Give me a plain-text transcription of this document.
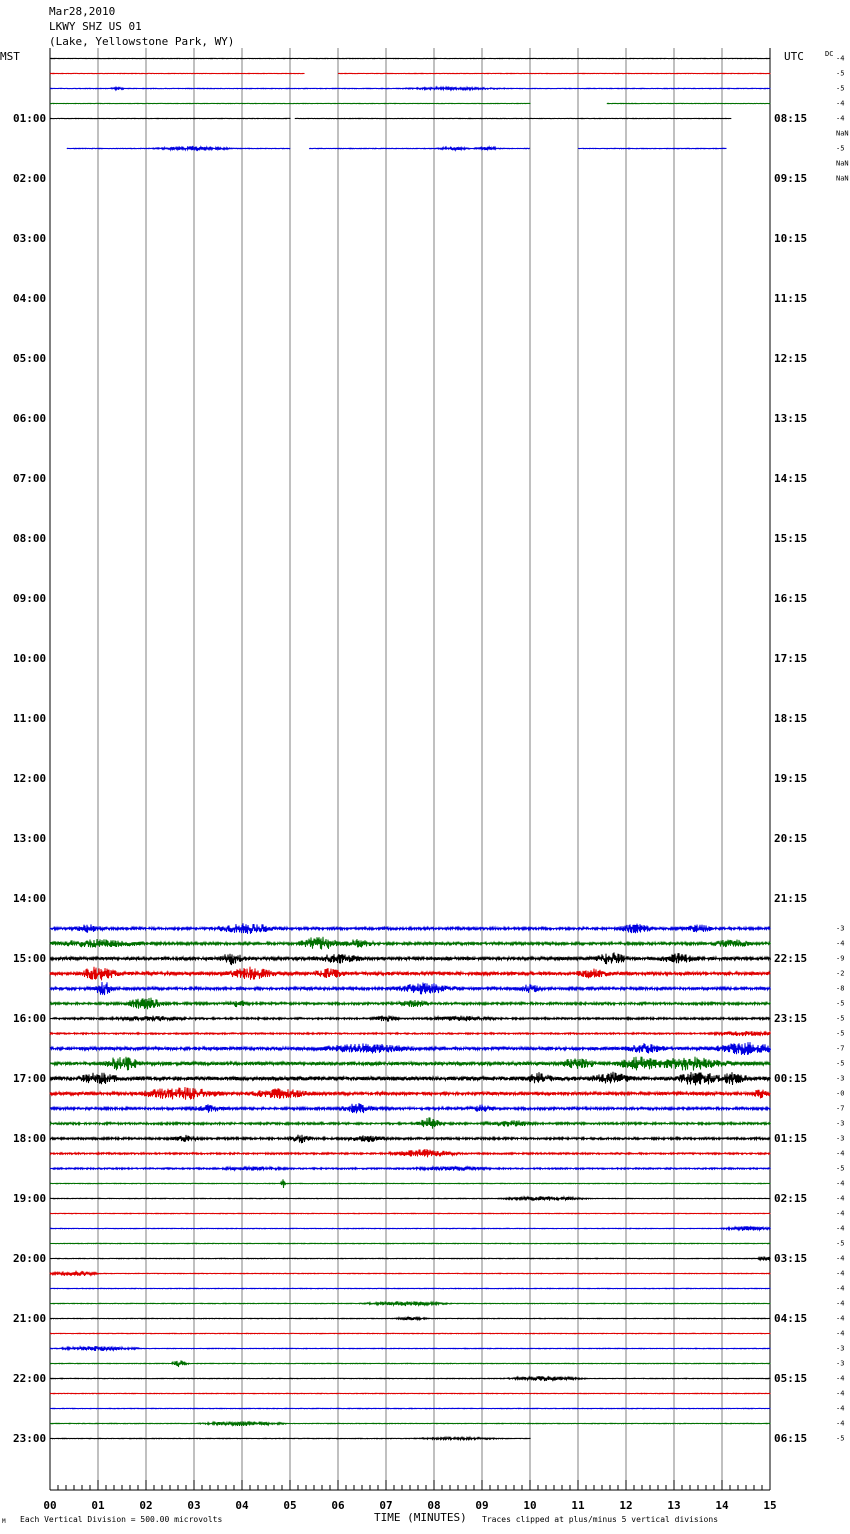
Mar28,2010
LKWY SHZ US 01
(Lake, Yellowstone Park, WY)
MST	UTC
01:00
02:00
03:00
04:00
05:00
06:00
07:00
08:00
09:00
10:00
11:00
12:00
13:00
14:00
15:00
16:00
17:00
18:00
19:00
20:00
21:00
22:00
23:00
08:15
09:15
10:15
11:15
12:15
13:15
14:15
15:15
16:15
17:15
18:15
19:15
20:15
21:15
22:15
23:15
00:15
01:15
02:15
03:15
04:15
05:15
06:15
-4
-5
-5
-4
-4
NaN
-5
NaN
NaN
-3
-4
-9
-2
-8
-5
-5
-5
-7
-5
-3
-0
-7
-3
-3
-4
-5
-4
-4
-4
-4
-5
-4
-4
-4
-4
-4
-4
-3
-3
-4
-4
-4
-4
-5
DC
00	01	02	03	04	05	06	07	08	09	10	11	12	13	14	15
TIME (MINUTES)
Each Vertical Division = 500.00 microvolts	Traces clipped at plus/minus 5 vertical divisions
M
